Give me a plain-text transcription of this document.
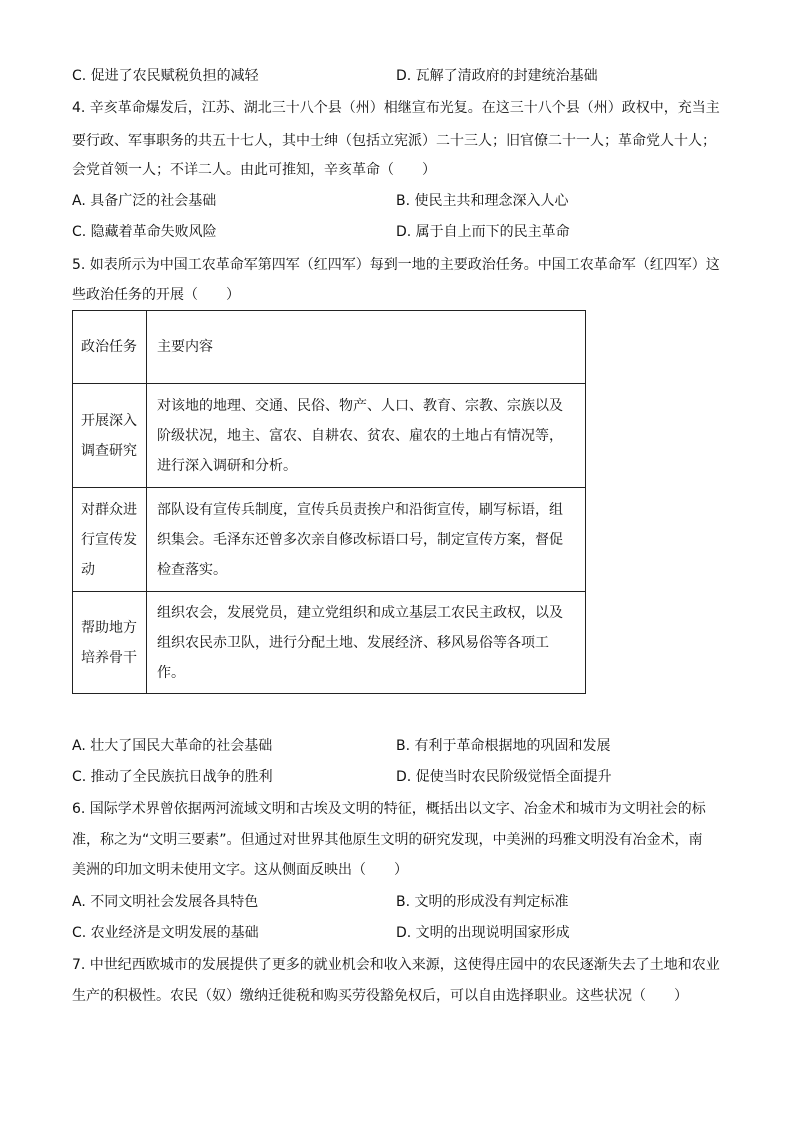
C. 促进了农民赋税负担的减轻	D. 瓦解了清政府的封建统治基础
4. 辛亥革命爆发后，江苏、湖北三十八个县（州）相继宣布光复。在这三十八个县（州）政权中，充当主
要行政、军事职务的共五十七人，其中士绅（包括立宪派）二十三人；旧官僚二十一人；革命党人十人；
会党首领一人；不详二人。由此可推知，辛亥革命（　　）
A. 具备广泛的社会基础	B. 使民主共和理念深入人心
C. 隐藏着革命失败风险	D. 属于自上而下的民主革命
5. 如表所示为中国工农革命军第四军（红四军）每到一地的主要政治任务。中国工农革命军（红四军）这
些政治任务的开展（　　）
政治任务	主要内容
开展深入调查研究	对该地的地理、交通、民俗、物产、人口、教育、宗教、宗族以及阶级状况，地主、富农、自耕农、贫农、雇农的土地占有情况等，进行深入调研和分析。
对群众进行宣传发动	部队设有宣传兵制度，宣传兵员责挨户和沿街宣传，刷写标语，组织集会。毛泽东还曾多次亲自修改标语口号，制定宣传方案，督促检查落实。
帮助地方培养骨干	组织农会，发展党员，建立党组织和成立基层工农民主政权，以及组织农民赤卫队，进行分配土地、发展经济、移风易俗等各项工作。
A. 壮大了国民大革命的社会基础	B. 有利于革命根据地的巩固和发展
C. 推动了全民族抗日战争的胜利	D. 促使当时农民阶级觉悟全面提升
6. 国际学术界曾依据两河流域文明和古埃及文明的特征，概括出以文字、冶金术和城市为文明社会的标
准，称之为“文明三要素”。但通过对世界其他原生文明的研究发现，中美洲的玛雅文明没有冶金术，南
美洲的印加文明未使用文字。这从侧面反映出（　　）
A. 不同文明社会发展各具特色	B. 文明的形成没有判定标准
C. 农业经济是文明发展的基础	D. 文明的出现说明国家形成
7. 中世纪西欧城市的发展提供了更多的就业机会和收入来源，这使得庄园中的农民逐渐失去了土地和农业
生产的积极性。农民（奴）缴纳迁徙税和购买劳役豁免权后，可以自由选择职业。这些状况（　　）
